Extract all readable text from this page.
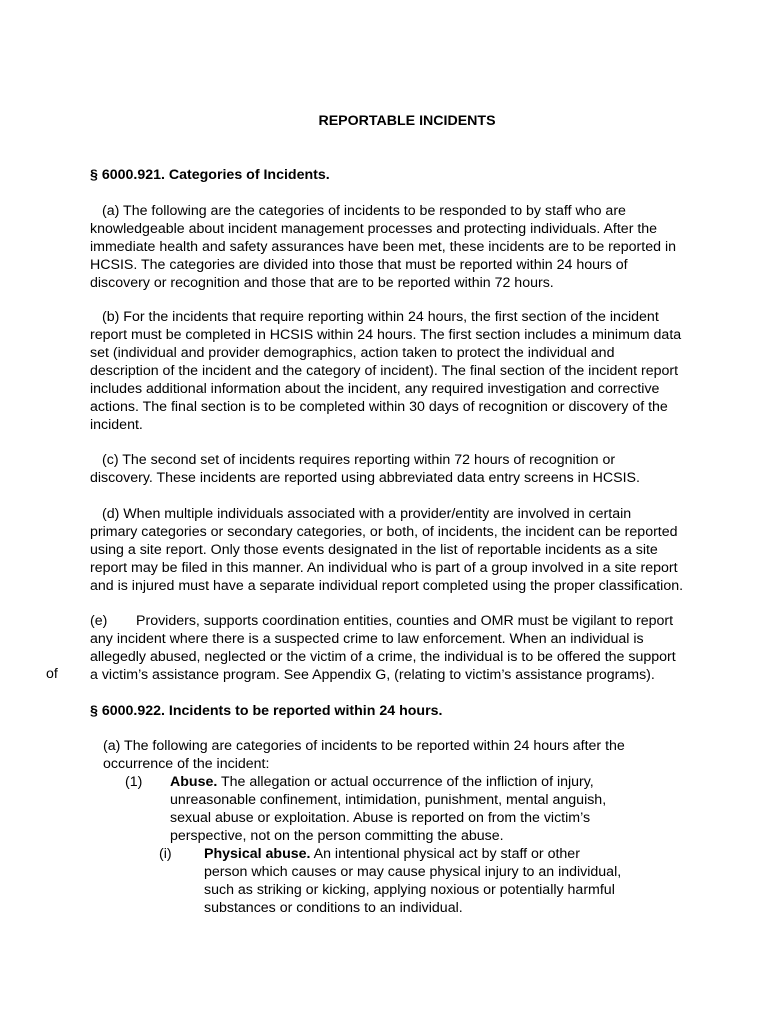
REPORTABLE INCIDENTS
§ 6000.921. Categories of Incidents.
(a) The following are the categories of incidents to be responded to by staff who are
knowledgeable about incident management processes and protecting individuals. After the
immediate health and safety assurances have been met, these incidents are to be reported in
HCSIS. The categories are divided into those that must be reported within 24 hours of
discovery or recognition and those that are to be reported within 72 hours.
(b) For the incidents that require reporting within 24 hours, the first section of the incident
report must be completed in HCSIS within 24 hours. The first section includes a minimum data
set (individual and provider demographics, action taken to protect the individual and
description of the incident and the category of incident). The final section of the incident report
includes additional information about the incident, any required investigation and corrective
actions. The final section is to be completed within 30 days of recognition or discovery of the
incident.
(c) The second set of incidents requires reporting within 72 hours of recognition or
discovery. These incidents are reported using abbreviated data entry screens in HCSIS.
(d) When multiple individuals associated with a provider/entity are involved in certain
primary categories or secondary categories, or both, of incidents, the incident can be reported
using a site report. Only those events designated in the list of reportable incidents as a site
report may be filed in this manner. An individual who is part of a group involved in a site report
and is injured must have a separate individual report completed using the proper classification.
(e) Providers, supports coordination entities, counties and OMR must be vigilant to report
any incident where there is a suspected crime to law enforcement. When an individual is
allegedly abused, neglected or the victim of a crime, the individual is to be offered the support
a victim’s assistance program. See Appendix G, (relating to victim’s assistance programs).
of
§ 6000.922. Incidents to be reported within 24 hours.
(a) The following are categories of incidents to be reported within 24 hours after the
occurrence of the incident:
(1) Abuse. The allegation or actual occurrence of the infliction of injury,
unreasonable confinement, intimidation, punishment, mental anguish,
sexual abuse or exploitation. Abuse is reported on from the victim’s
perspective, not on the person committing the abuse.
(i) Physical abuse. An intentional physical act by staff or other
person which causes or may cause physical injury to an individual,
such as striking or kicking, applying noxious or potentially harmful
substances or conditions to an individual.
